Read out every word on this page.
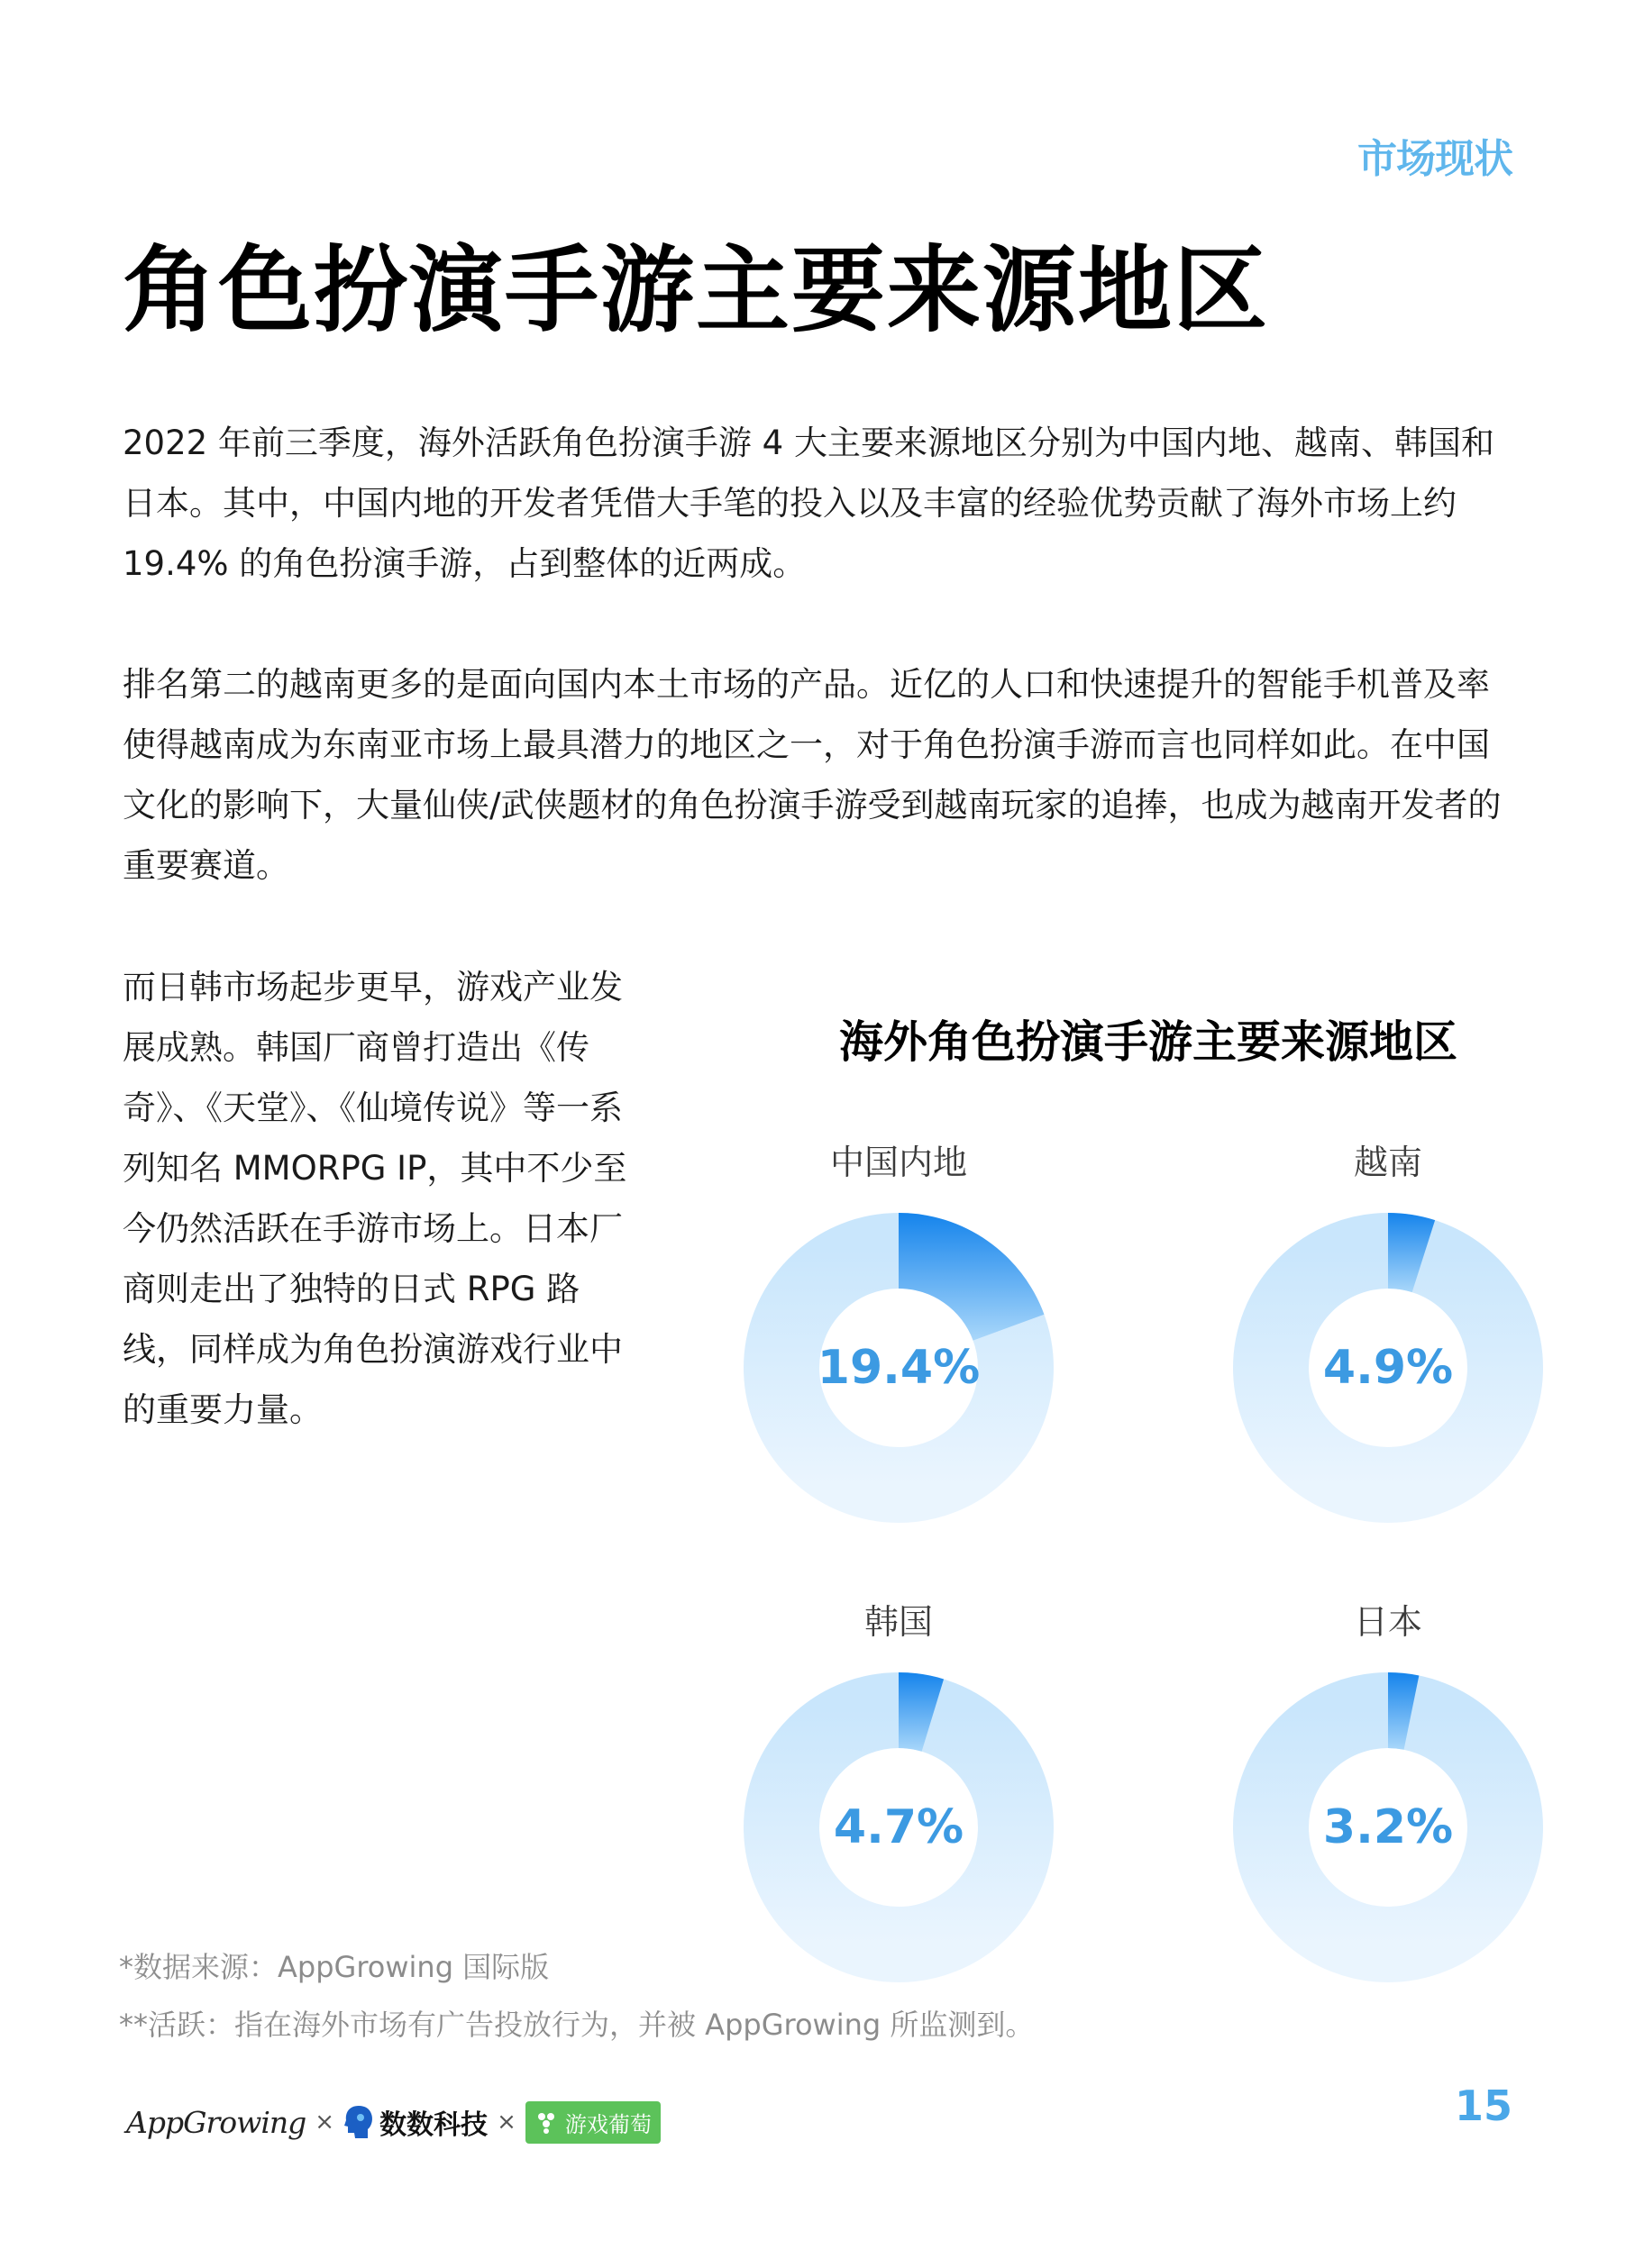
市场现状
角色扮演手游主要来源地区

2022 年前三季度，海外活跃角色扮演手游 4 大主要来源地区分别为中国内地、越南、韩国和日本。其中，中国内地的开发者凭借大手笔的投入以及丰富的经验优势贡献了海外市场上约 19.4% 的角色扮演手游，占到整体的近两成。

排名第二的越南更多的是面向国内本土市场的产品。近亿的人口和快速提升的智能手机普及率使得越南成为东南亚市场上最具潜力的地区之一，对于角色扮演手游而言也同样如此。在中国文化的影响下，大量仙侠/武侠题材的角色扮演手游受到越南玩家的追捧，也成为越南开发者的重要赛道。

而日韩市场起步更早，游戏产业发展成熟。韩国厂商曾打造出《传奇》、《天堂》、《仙境传说》等一系列知名 MMORPG IP，其中不少至今仍然活跃在手游市场上。日本厂商则走出了独特的日式 RPG 路线，同样成为角色扮演游戏行业中的重要力量。

海外角色扮演手游主要来源地区
中国内地
19.4%
越南
4.9%
韩国
4.7%
日本
3.2%
*数据来源：AppGrowing 国际版
**活跃：指在海外市场有广告投放行为，并被 AppGrowing 所监测到。
AppGrowing × 数数科技 × 游戏葡萄	15
